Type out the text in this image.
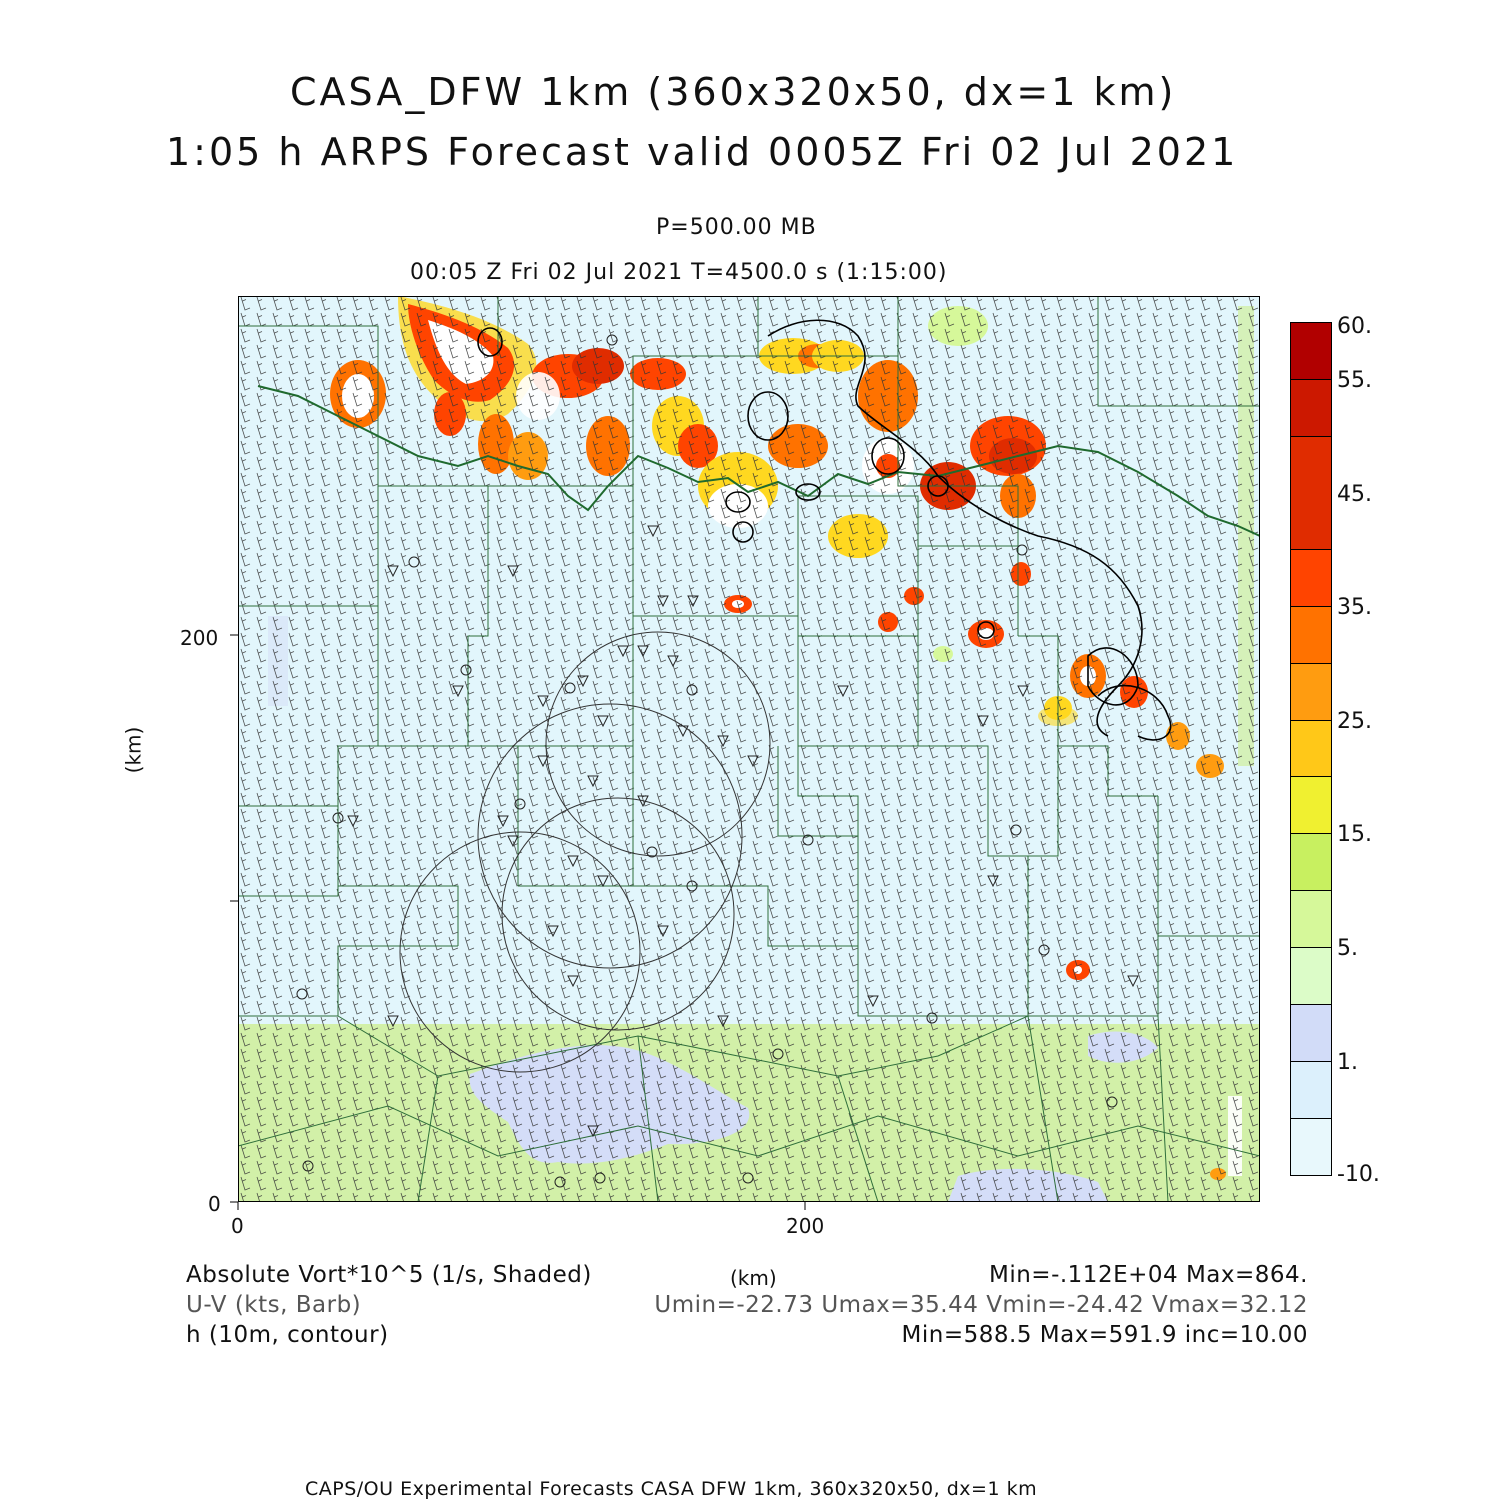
CASA_DFW 1km (360x320x50, dx=1 km)
1:05 h ARPS Forecast valid 0005Z Fri 02 Jul 2021
P=500.00 MB
00:05 Z Fri 02 Jul 2021 T=4500.0 s (1:15:00)
200
0
0	200
(km)
(km)
60.
55.
45.
35.
25.
15.
5.
1.
-10.
Absolute Vort*10^5 (1/s, Shaded)
U-V (kts, Barb)
h (10m, contour)
Min=-.112E+04 Max=864.
Umin=-22.73 Umax=35.44 Vmin=-24.42 Vmax=32.12
Min=588.5 Max=591.9 inc=10.00
CAPS/OU Experimental Forecasts CASA DFW 1km, 360x320x50, dx=1 km
